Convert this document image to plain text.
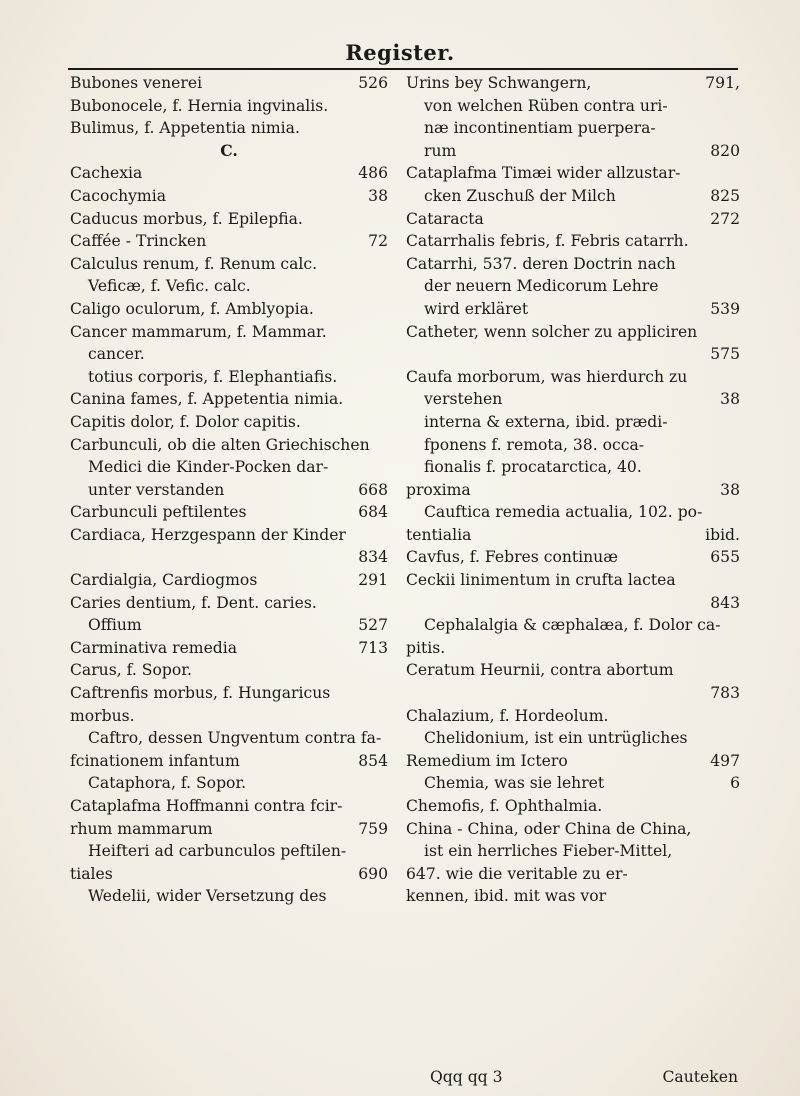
Register.
Bubones venerei	526
Bubonocele, f. Hernia ingvinalis.
Bulimus, f. Appetentia nimia.
C.
Cachexia	486
Cacochymia	38
Caducus morbus, f. Epilepfia.
Caffée - Trincken	72
Calculus renum, f. Renum calc.
Veficæ, f. Vefic. calc.
Caligo oculorum, f. Amblyopia.
Cancer mammarum, f. Mammar.
cancer.
totius corporis, f. Elephantiafis.
Canina fames, f. Appetentia nimia.
Capitis dolor, f. Dolor capitis.
Carbunculi, ob die alten Griechischen
Medici die Kinder-Pocken dar-
unter verstanden	668
Carbunculi peftilentes	684
Cardiaca, Herzgespann der Kinder
834
Cardialgia, Cardiogmos	291
Caries dentium, f. Dent. caries.
Offium	527
Carminativa remedia	713
Carus, f. Sopor.
Caftrenfis morbus, f. Hungaricus
morbus.
Caftro, dessen Ungventum contra fa-
fcinationem infantum	854
Cataphora, f. Sopor.
Cataplafma Hoffmanni contra fcir-
rhum mammarum	759
Heifteri ad carbunculos peftilen-
tiales	690
Wedelii, wider Versetzung des
Urins bey Schwangern,	791,
von welchen Rüben contra uri-
næ incontinentiam puerpera-
rum	820
Cataplafma Timæi wider allzustar-
cken Zuschuß der Milch	825
Cataracta	272
Catarrhalis febris, f. Febris catarrh.
Catarrhi, 537. deren Doctrin nach
der neuern Medicorum Lehre
wird erkläret	539
Catheter, wenn solcher zu appliciren
575
Caufa morborum, was hierdurch zu
verstehen	38
interna & externa, ibid. prædi-
fponens f. remota, 38. occa-
fionalis f. procatarctica, 40.
proxima	38
Cauftica remedia actualia, 102. po-
tentialia	ibid.
Cavfus, f. Febres continuæ	655
Ceckii linimentum in crufta lactea
843
Cephalalgia & cæphalæa, f. Dolor ca-
pitis.
Ceratum Heurnii, contra abortum
783
Chalazium, f. Hordeolum.
Chelidonium, ist ein untrügliches
Remedium im Ictero	497
Chemia, was sie lehret	6
Chemofis, f. Ophthalmia.
China - China, oder China de China,
ist ein herrliches Fieber-Mittel,
647. wie die veritable zu er-
kennen, ibid. mit was vor
Qqq qq 3	Cauteken
